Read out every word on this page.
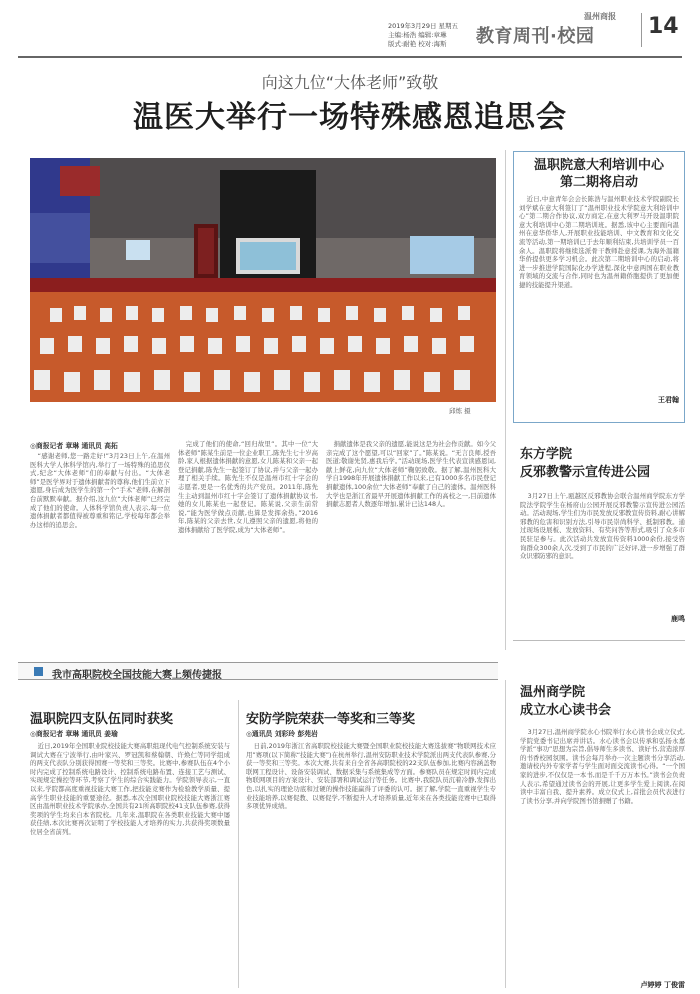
2019年3月29日 星期五
主编:杨浩 编辑:章琳
版式:耐艳 校对:海斯
温州商报
教育周刊·校园 14
向这九位“大体老师”致敬
温医大举行一场特殊感恩追思会
邱炼 摄
◎商报记者 章琳 通讯员 高拓
“感谢老师,您一路走好!”3月23日上午,在温州医科大学人体科学馆内,举行了一场特殊的追思仪式,纪念“大体老师”们的奉献与付出。“大体老师”是医学界对于遗体捐献者的尊称,他们生前立下遗愿,身后成为医学生的第一个“手术”老师,在解剖台前默默奉献。据介绍,这九位“大体老师”已经完成了他们的使命。人体科学馆负责人表示,每一位遗体捐献者都值得被尊重和铭记,学校每年都会举办这样的追思会。
完成了他们的使命,“回归故里”。其中一位“大体老师”陈某生前是一位企业职工,陈先生七十岁高龄,家人根据遗体捐献的意愿,女儿陈某和父亲一起登记捐献,陈先生一起签订了协议,并与父亲一起办理了相关手续。陈先生不仅是温州市红十字会的志愿者,更是一名优秀的共产党员。2011年,陈先生主动到温州市红十字会签订了遗体捐献协议书,她的女儿陈某也一起登记。陈某说,父亲生前常说,“能为医学做点贡献,也算是发挥余热。”2016年,陈某的父亲去世,女儿遵照父亲的遗愿,将他的遗体捐献给了医学院,成为“大体老师”。
捐献遗体是我父亲的遗愿,能说这是为社会作贡献。如今父亲完成了这个愿望,可以“回家”了。”陈某说。“无言良师,授吾医道;敬谢先贤,惠我后学。”活动现场,医学生代表宣读感恩词,献上鲜花,向九位“大体老师”鞠躬致敬。据了解,温州医科大学自1998年开展遗体捐献工作以来,已有1000多名市民登记捐献遗体,100余位“大体老师”奉献了自己的遗体。温州医科大学也是浙江省最早开展遗体捐献工作的高校之一,目前遗体捐献志愿者人数逐年增加,累计已达148人。
温职院意大利培训中心
第二期将启动
近日,中意青年会会长陈浩与温州职业技术学院副院长刘学斌在意大利签订了“温州职业技术学院意大利培训中心”第二期合作协议,双方商定,在意大利罗马开设温职院意大利培训中心第二期培训班。据悉,该中心主要面向温州在意华侨华人,开展职业技能培训、中文教育和文化交流等活动,第一期培训已于去年顺利结束,共培训学员一百余人。温职院将继续选派骨干教师赴意授课,为海外温籍华侨提供更多学习机会。此次第二期培训中心的启动,将进一步推进学院国际化办学进程,深化中意两国在职业教育领域的交流与合作,同时也为温州籍侨胞提供了更加便捷的技能提升渠道。
王君翰
东方学院
反邪教警示宣传进公园
3月27日上午,瓯越区反邪教协会联合温州商学院东方学院法学院学生在杨府山公园开展反邪教警示宣传进公园活动。活动现场,学生们为市民发放反邪教宣传资料,耐心讲解邪教的危害和识别方法,引导市民崇尚科学、抵制邪教。通过现场设展板、发放资料、有奖问答等形式,吸引了众多市民驻足参与。此次活动共发放宣传资料1000余份,接受咨询群众300余人次,受到了市民的广泛好评,进一步增强了群众识邪防邪的意识。
鹿鸣
我市高职院校全国技能大赛上频传捷报
温州商学院
成立水心读书会
3月27日,温州商学院水心书院举行水心读书会成立仪式,学院党委书记出席并讲话。水心读书会以传承和弘扬永嘉学派“事功”思想为宗旨,倡导师生多读书、读好书,营造浓厚的书香校园氛围。读书会每月举办一次主题读书分享活动,邀请校内外专家学者与学生面对面交流读书心得。“一个国家的进步,不仅仅是一本书,而是千千万万本书。”读书会负责人表示,希望通过读书会的开展,让更多学生爱上阅读,在阅读中丰富自我、提升素养。成立仪式上,首批会员代表进行了读书分享,并向学院图书馆捐赠了书籍。
卢婷婷 丁俊雷
温职院四支队伍同时获奖
◎商报记者 章琳 通讯员 姜瑜
近日,2019年全国职业院校技能大赛高职组现代电气控制系统安装与调试大赛在宁波举行,由叶家兴、罗冠凯和蔡翰朝、许焕仁等同学组成的两支代表队分别获得国赛一等奖和三等奖。比赛中,参赛队伍在4个小时内完成了控制系统电路设计、控制系统电路布置、连接工艺与测试、实现规定操控等环节,考察了学生的综合实践能力。学院领导表示,一直以来,学院都高度重视技能大赛工作,把技能竞赛作为检验教学质量、提高学生职业技能的重要途径。据悉,本次全国职业院校技能大赛浙江赛区由温州职业技术学院承办,全国共有21所高职院校41支队伍参赛,获得奖项的学生均来自本省院校。几年来,温职院在各类职业技能大赛中屡获佳绩,本次比赛再次证明了学校技能人才培养的实力,共获得奖项数量位居全省前列。
安防学院荣获一等奖和三等奖
◎通讯员 刘彩玲 彭苑岩
日前,2019年浙江省高职院校技能大赛暨全国职业院校技能大赛选拔赛“物联网技术应用”赛项(以下简称“技能大赛”)在杭州举行,温州安防职业技术学院派出两支代表队参赛,分获一等奖和三等奖。本次大赛,共有来自全省各高职院校的22支队伍参加,比赛内容涵盖物联网工程设计、设备安装调试、数据采集与系统集成等方面。参赛队员在规定时间内完成物联网项目的方案设计、安装部署和调试运行等任务。比赛中,我院队员沉着冷静,发挥出色,以扎实的理论功底和过硬的操作技能赢得了评委的认可。据了解,学院一直重视学生专业技能培养,以赛促教、以赛促学,不断提升人才培养质量,近年来在各类技能竞赛中已取得多项优异成绩。
